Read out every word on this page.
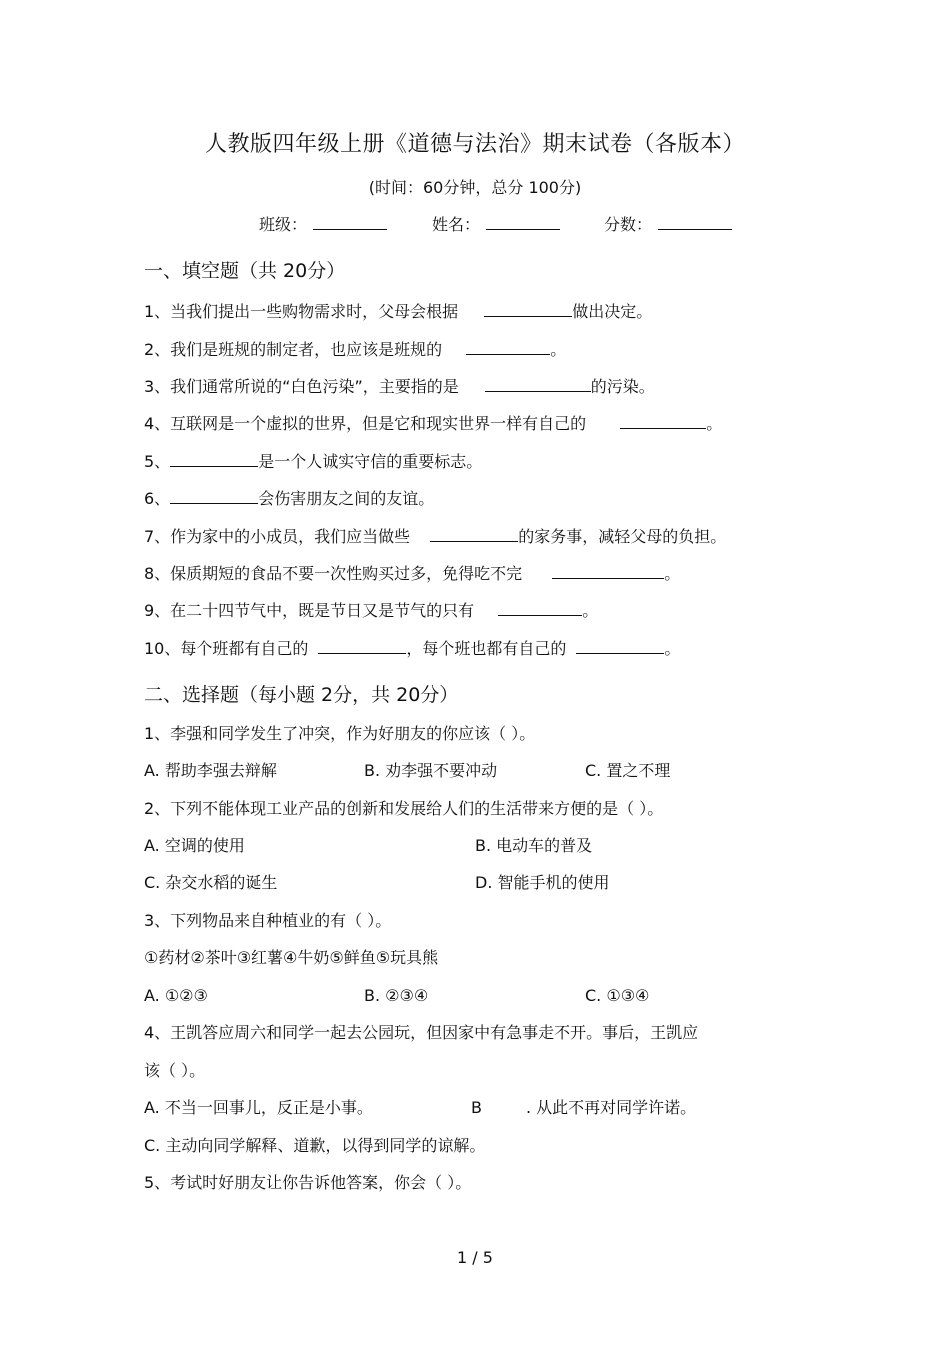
人教版四年级上册《道德与法治》期末试卷（各版本）
(时间：60分钟，总分 100分)
班级：	姓名：	分数：
一、填空题（共 20分）
1、当我们提出一些购物需求时，父母会根据	做出决定。
2、我们是班规的制定者，也应该是班规的	。
3、我们通常所说的“白色污染”，主要指的是	的污染。
4、互联网是一个虚拟的世界，但是它和现实世界一样有自己的	。
5、	是一个人诚实守信的重要标志。
6、	会伤害朋友之间的友谊。
7、作为家中的小成员，我们应当做些	的家务事，减轻父母的负担。
8、保质期短的食品不要一次性购买过多，免得吃不完	。
9、在二十四节气中，既是节日又是节气的只有	。
10、每个班都有自己的	，每个班也都有自己的	。
二、选择题（每小题 2分，共 20分）
1、李强和同学发生了冲突，作为好朋友的你应该（ ）。
A. 帮助李强去辩解	B. 劝李强不要冲动	C. 置之不理
2、下列不能体现工业产品的创新和发展给人们的生活带来方便的是（ ）。
A. 空调的使用	B. 电动车的普及
C. 杂交水稻的诞生	D. 智能手机的使用
3、下列物品来自种植业的有（ ）。
①药材②茶叶③红薯④牛奶⑤鲜鱼⑤玩具熊
A. ①②③	B. ②③④	C. ①③④
4、王凯答应周六和同学一起去公园玩，但因家中有急事走不开。事后，王凯应
该（ ）。
A. 不当一回事儿，反正是小事。	B	. 从此不再对同学许诺。
C. 主动向同学解释、道歉，以得到同学的谅解。
5、考试时好朋友让你告诉他答案，你会（ ）。
1 / 5
